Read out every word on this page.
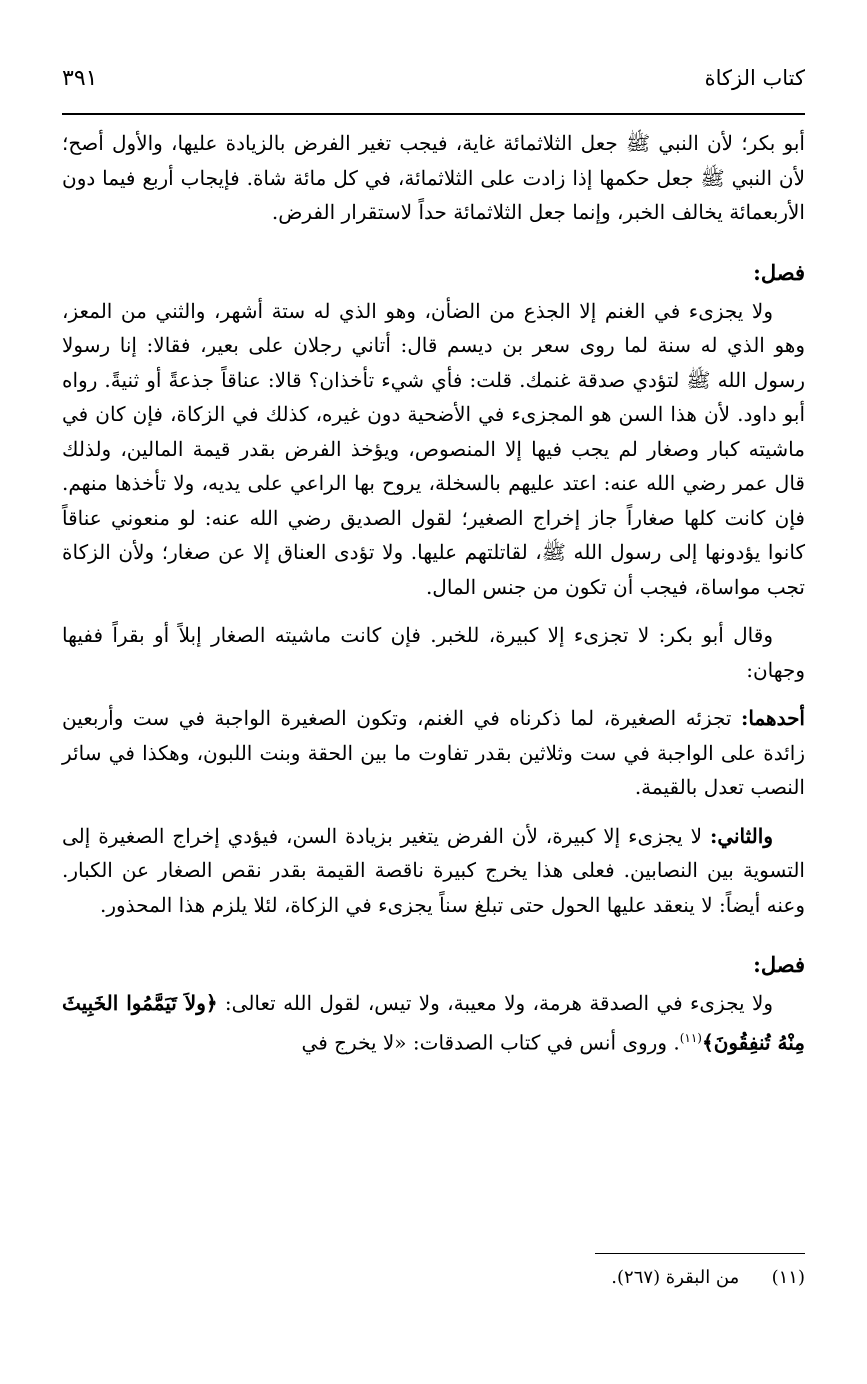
كتاب الزكاة
٣٩١

أبو بكر؛ لأن النبي ﷺ جعل الثلاثمائة غاية، فيجب تغير الفرض بالزيادة عليها، والأول أصح؛ لأن النبي ﷺ جعل حكمها إذا زادت على الثلاثمائة، في كل مائة شاة. فإيجاب أربع فيما دون الأربعمائة يخالف الخبر، وإنما جعل الثلاثمائة حداً لاستقرار الفرض.

فصل:

ولا يجزىء في الغنم إلا الجذع من الضأن، وهو الذي له ستة أشهر، والثني من المعز، وهو الذي له سنة لما روى سعر بن ديسم قال: أتاني رجلان على بعير، فقالا: إنا رسولا رسول الله ﷺ لتؤدي صدقة غنمك. قلت: فأي شيء تأخذان؟ قالا: عناقاً جذعةً أو ثنيةً. رواه أبو داود. لأن هذا السن هو المجزىء في الأضحية دون غيره، كذلك في الزكاة، فإن كان في ماشيته كبار وصغار لم يجب فيها إلا المنصوص، ويؤخذ الفرض بقدر قيمة المالين، ولذلك قال عمر رضي الله عنه: اعتد عليهم بالسخلة، يروح بها الراعي على يديه، ولا تأخذها منهم. فإن كانت كلها صغاراً جاز إخراج الصغير؛ لقول الصديق رضي الله عنه: لو منعوني عناقاً كانوا يؤدونها إلى رسول الله ﷺ، لقاتلتهم عليها. ولا تؤدى العناق إلا عن صغار؛ ولأن الزكاة تجب مواساة، فيجب أن تكون من جنس المال.

وقال أبو بكر: لا تجزىء إلا كبيرة، للخبر. فإن كانت ماشيته الصغار إبلاً أو بقراً ففيها وجهان:

أحدهما: تجزئه الصغيرة، لما ذكرناه في الغنم، وتكون الصغيرة الواجبة في ست وأربعين زائدة على الواجبة في ست وثلاثين بقدر تفاوت ما بين الحقة وبنت اللبون، وهكذا في سائر النصب تعدل بالقيمة.

والثاني: لا يجزىء إلا كبيرة، لأن الفرض يتغير بزيادة السن، فيؤدي إخراج الصغيرة إلى التسوية بين النصابين. فعلى هذا يخرج كبيرة ناقصة القيمة بقدر نقص الصغار عن الكبار. وعنه أيضاً: لا ينعقد عليها الحول حتى تبلغ سناً يجزىء في الزكاة، لئلا يلزم هذا المحذور.

فصل:

ولا يجزىء في الصدقة هرمة، ولا معيبة، ولا تيس، لقول الله تعالى: ﴿ولاَ تَيَمَّمُوا الخَبِيثَ مِنْهُ تُنفِقُونَ﴾$^{(١١)}$. وروى أنس في كتاب الصدقات: «لا يخرج في

(١١) من البقرة (٢٦٧).
